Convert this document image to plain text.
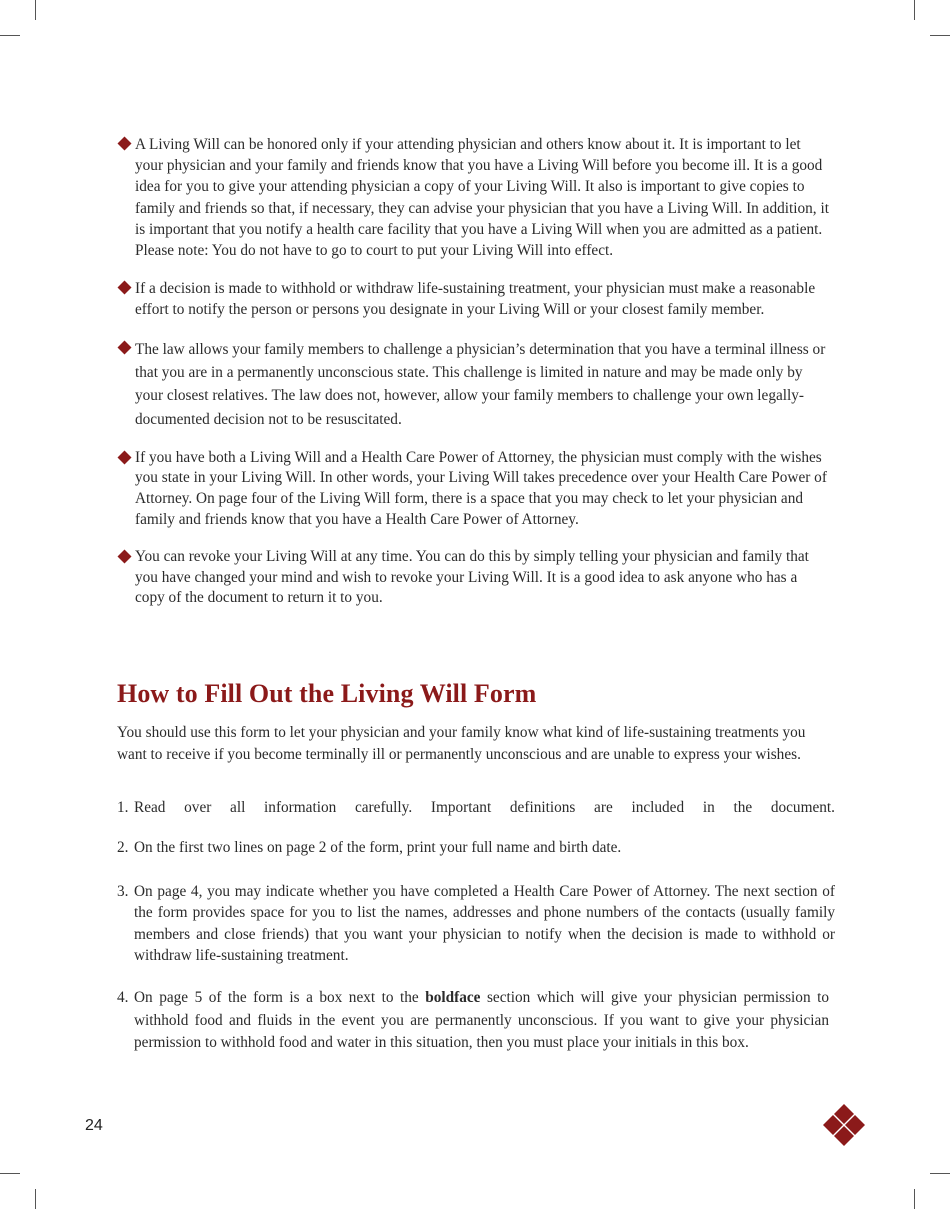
A Living Will can be honored only if your attending physician and others know about it. It is important to let your physician and your family and friends know that you have a Living Will before you become ill. It is a good idea for you to give your attending physician a copy of your Living Will. It also is important to give copies to family and friends so that, if necessary, they can advise your physician that you have a Living Will. In addition, it is important that you notify a health care facility that you have a Living Will when you are admitted as a patient. Please note: You do not have to go to court to put your Living Will into effect.
If a decision is made to withhold or withdraw life-sustaining treatment, your physician must make a reasonable effort to notify the person or persons you designate in your Living Will or your closest family member.
The law allows your family members to challenge a physician’s determination that you have a terminal illness or that you are in a permanently unconscious state. This challenge is limited in nature and may be made only by your closest relatives. The law does not, however, allow your family members to challenge your own legally-documented decision not to be resuscitated.
If you have both a Living Will and a Health Care Power of Attorney, the physician must comply with the wishes you state in your Living Will. In other words, your Living Will takes precedence over your Health Care Power of Attorney. On page four of the Living Will form, there is a space that you may check to let your physician and family and friends know that you have a Health Care Power of Attorney.
You can revoke your Living Will at any time. You can do this by simply telling your physician and family that you have changed your mind and wish to revoke your Living Will. It is a good idea to ask anyone who has a copy of the document to return it to you.
How to Fill Out the Living Will Form
You should use this form to let your physician and your family know what kind of life-sustaining treatments you want to receive if you become terminally ill or permanently unconscious and are unable to express your wishes.
1. Read over all information carefully. Important definitions are included in the document.
2. On the first two lines on page 2 of the form, print your full name and birth date.
3. On page 4, you may indicate whether you have completed a Health Care Power of Attorney. The next section of the form provides space for you to list the names, addresses and phone numbers of the contacts (usually family members and close friends) that you want your physician to notify when the decision is made to withhold or withdraw life-sustaining treatment.
4. On page 5 of the form is a box next to the boldface section which will give your physician permission to withhold food and fluids in the event you are permanently unconscious. If you want to give your physician permission to withhold food and water in this situation, then you must place your initials in this box.
24
